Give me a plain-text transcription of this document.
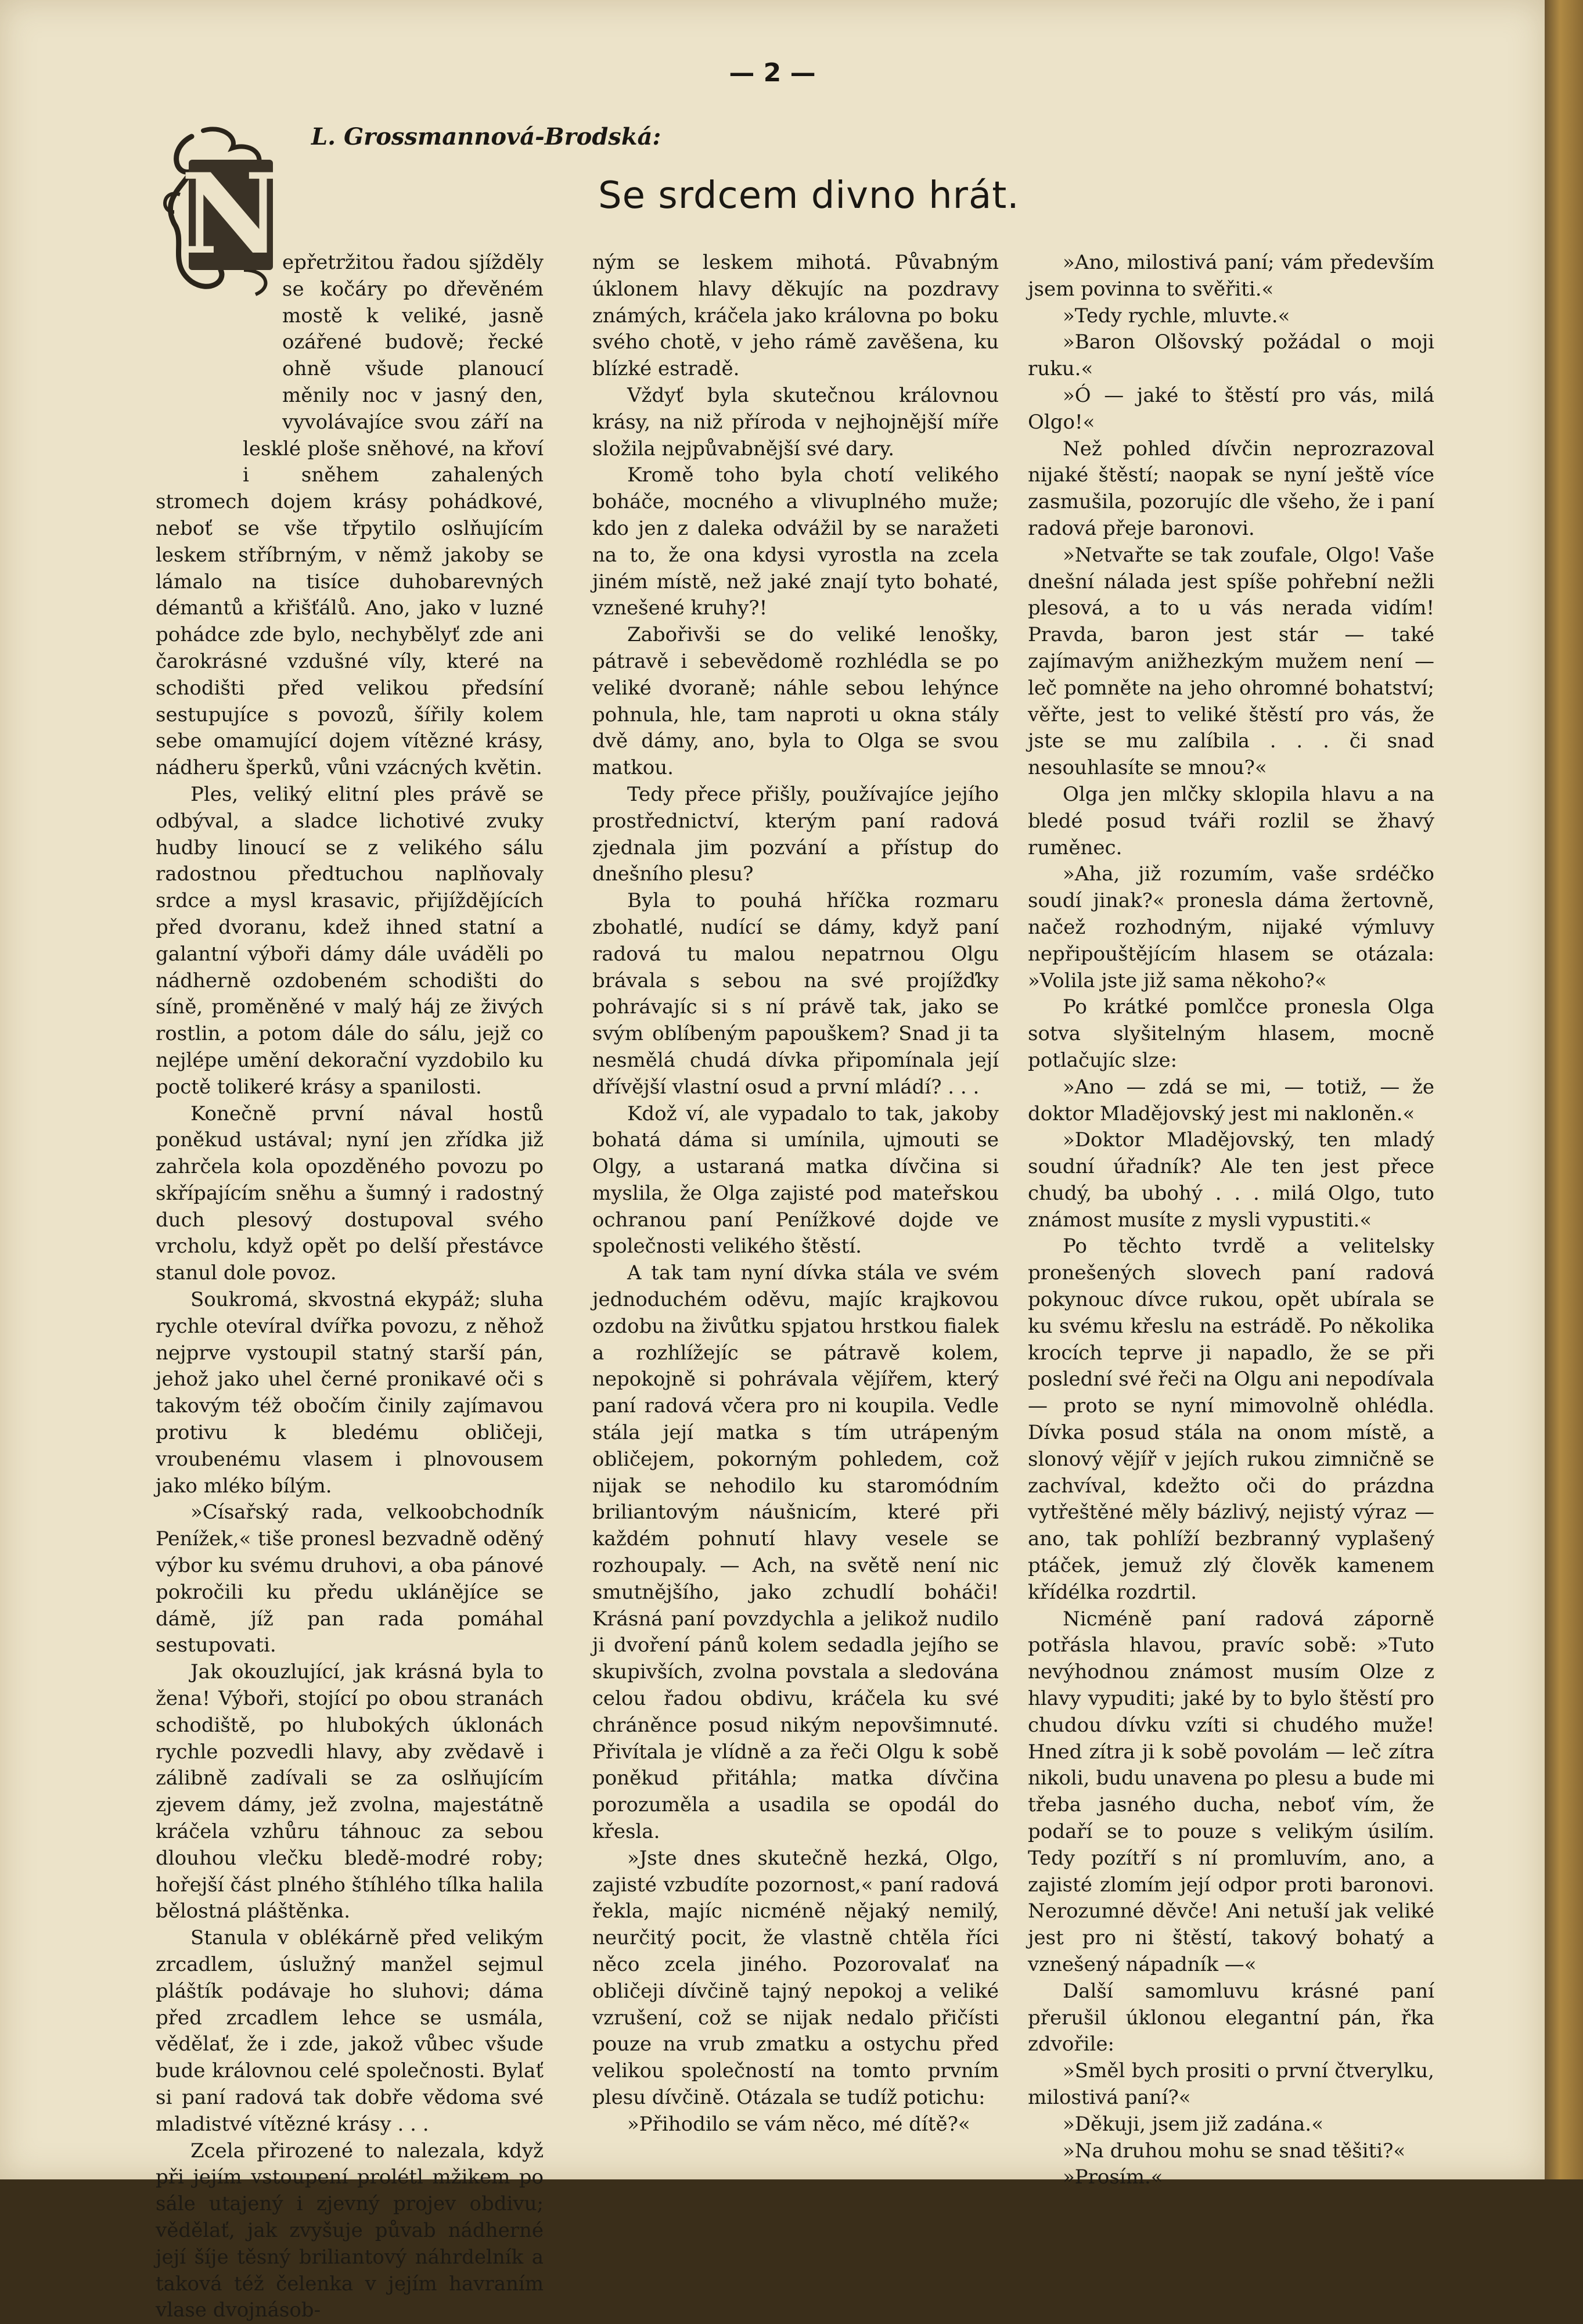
— 2 —
N
L. Grossmannová-Brodská:
Se srdcem divno hrát.

epřetržitou řadou sjížděly se kočáry po dřevěném mostě k veliké, jasně ozářené budově; řecké ohně všude planoucí měnily noc v jasný den, vyvolávajíce svou září na lesklé ploše sněhové, na křoví i sněhem zahalených stromech dojem krásy pohádkové, neboť se vše třpytilo oslňujícím leskem stříbrným, v němž jakoby se lámalo na tisíce duhobarevných démantů a křišťálů. Ano, jako v luzné pohádce zde bylo, nechybělyť zde ani čarokrásné vzdušné víly, které na schodišti před velikou předsíní sestupujíce s povozů, šířily kolem sebe omamující dojem vítězné krásy, nádheru šperků, vůni vzácných květin.

Ples, veliký elitní ples právě se odbýval, a sladce lichotivé zvuky hudby linoucí se z velikého sálu radostnou předtuchou naplňovaly srdce a mysl krasavic, přijíždějících před dvoranu, kdež ihned statní a galantní výboři dámy dále uváděli po nádherně ozdobeném schodišti do síně, proměněné v malý háj ze živých rostlin, a potom dále do sálu, jejž co nejlépe umění dekorační vyzdobilo ku poctě tolikeré krásy a spanilosti.

Konečně první nával hostů poněkud ustával; nyní jen zřídka již zahrčela kola opozděného povozu po skřípajícím sněhu a šumný i radostný duch plesový dostupoval svého vrcholu, když opět po delší přestávce stanul dole povoz.

Soukromá, skvostná ekypáž; sluha rychle otevíral dvířka povozu, z něhož nejprve vystoupil statný starší pán, jehož jako uhel černé pronikavé oči s takovým též obočím činily zajímavou protivu k bledému obličeji, vroubenému vlasem i plnovousem jako mléko bílým.

»Císařský rada, velkoobchodník Penížek,« tiše pronesl bezvadně oděný výbor ku svému druhovi, a oba pánové pokročili ku předu uklánějíce se dámě, jíž pan rada pomáhal sestupovati.

Jak okouzlující, jak krásná byla to žena! Výboři, stojící po obou stranách schodiště, po hlubokých úklonách rychle pozvedli hlavy, aby zvědavě i zálibně zadívali se za oslňujícím zjevem dámy, jež zvolna, majestátně kráčela vzhůru táhnouc za sebou dlouhou vlečku bledě-modré roby; hořejší část plného štíhlého tílka halila bělostná pláštěnka.

Stanula v oblékárně před velikým zrcadlem, úslužný manžel sejmul pláštík podávaje ho sluhovi; dáma před zrcadlem lehce se usmála, vědělať, že i zde, jakož vůbec všude bude královnou celé společnosti. Bylať si paní radová tak dobře vědoma své mladistvé vítězné krásy . . .

Zcela přirozené to nalezala, když při jejím vstoupení prolétl mžikem po sále utajený i zjevný projev obdivu; vědělať, jak zvyšuje půvab nádherné její šíje těsný briliantový náhrdelník a taková též čelenka v jejím havraním vlase dvojnásob-

ným se leskem mihotá. Půvabným úklonem hlavy děkujíc na pozdravy známých, kráčela jako královna po boku svého chotě, v jeho rámě zavěšena, ku blízké estradě.

Vždyť byla skutečnou královnou krásy, na niž příroda v nejhojnější míře složila nejpůvabnější své dary.

Kromě toho byla chotí velikého boháče, mocného a vlivuplného muže; kdo jen z daleka odvážil by se naražeti na to, že ona kdysi vyrostla na zcela jiném místě, než jaké znají tyto bohaté, vznešené kruhy?!

Zabořivši se do veliké lenošky, pátravě i sebevědomě rozhlédla se po veliké dvoraně; náhle sebou lehýnce pohnula, hle, tam naproti u okna stály dvě dámy, ano, byla to Olga se svou matkou.

Tedy přece přišly, používajíce jejího prostřednictví, kterým paní radová zjednala jim pozvání a přístup do dnešního plesu?

Byla to pouhá hříčka rozmaru zbohatlé, nudící se dámy, když paní radová tu malou nepatrnou Olgu brávala s sebou na své projížďky pohrávajíc si s ní právě tak, jako se svým oblíbeným papouškem? Snad ji ta nesmělá chudá dívka připomínala její dřívější vlastní osud a první mládí? . . .

Kdož ví, ale vypadalo to tak, jakoby bohatá dáma si umínila, ujmouti se Olgy, a ustaraná matka dívčina si myslila, že Olga zajisté pod mateřskou ochranou paní Penížkové dojde ve společnosti velikého štěstí.

A tak tam nyní dívka stála ve svém jednoduchém oděvu, majíc krajkovou ozdobu na živůtku spjatou hrstkou fialek a rozhlížejíc se pátravě kolem, nepokojně si pohrávala vějířem, který paní radová včera pro ni koupila. Vedle stála její matka s tím utrápeným obličejem, pokorným pohledem, což nijak se nehodilo ku staromódním briliantovým náušnicím, které při každém pohnutí hlavy vesele se rozhoupaly. — Ach, na světě není nic smutnějšího, jako zchudlí boháči! Krásná paní povzdychla a jelikož nudilo ji dvoření pánů kolem sedadla jejího se skupivších, zvolna povstala a sledována celou řadou obdivu, kráčela ku své chráněnce posud nikým nepovšimnuté. Přivítala je vlídně a za řeči Olgu k sobě poněkud přitáhla; matka dívčina porozuměla a usadila se opodál do křesla.

»Jste dnes skutečně hezká, Olgo, zajisté vzbudíte pozornost,« paní radová řekla, majíc nicméně nějaký nemilý, neurčitý pocit, že vlastně chtěla říci něco zcela jiného. Pozorovalať na obličeji dívčině tajný nepokoj a veliké vzrušení, což se nijak nedalo přičísti pouze na vrub zmatku a ostychu před velikou společností na tomto prvním plesu dívčině. Otázala se tudíž potichu:

»Přihodilo se vám něco, mé dítě?«

»Ano, milostivá paní; vám především jsem povinna to svěřiti.«

»Tedy rychle, mluvte.«

»Baron Olšovský požádal o moji ruku.«

»Ó — jaké to štěstí pro vás, milá Olgo!«

Než pohled dívčin neprozrazoval nijaké štěstí; naopak se nyní ještě více zasmušila, pozorujíc dle všeho, že i paní radová přeje baronovi.

»Netvařte se tak zoufale, Olgo! Vaše dnešní nálada jest spíše pohřební nežli plesová, a to u vás nerada vidím! Pravda, baron jest stár — také zajímavým anižhezkým mužem není — leč pomněte na jeho ohromné bohatství; věřte, jest to veliké štěstí pro vás, že jste se mu zalíbila . . . či snad nesouhlasíte se mnou?«

Olga jen mlčky sklopila hlavu a na bledé posud tváři rozlil se žhavý ruměnec.

»Aha, již rozumím, vaše srdéčko soudí jinak?« pronesla dáma žertovně, načež rozhodným, nijaké výmluvy nepřipouštějícím hlasem se otázala: »Volila jste již sama někoho?«

Po krátké pomlčce pronesla Olga sotva slyšitelným hlasem, mocně potlačujíc slze:

»Ano — zdá se mi, — totiž, — že doktor Mladějovský jest mi nakloněn.«

»Doktor Mladějovský, ten mladý soudní úřadník? Ale ten jest přece chudý, ba ubohý . . . milá Olgo, tuto známost musíte z mysli vypustiti.«

Po těchto tvrdě a velitelsky pronešených slovech paní radová pokynouc dívce rukou, opět ubírala se ku svému křeslu na estrádě. Po několika krocích teprve ji napadlo, že se při poslední své řeči na Olgu ani nepodívala — proto se nyní mimovolně ohlédla. Dívka posud stála na onom místě, a slonový vějíř v jejích rukou zimničně se zachvíval, kdežto oči do prázdna vytřeštěné měly bázlivý, nejistý výraz — ano, tak pohlíží bezbranný vyplašený ptáček, jemuž zlý člověk kamenem křídélka rozdrtil.

Nicméně paní radová záporně potřásla hlavou, pravíc sobě: »Tuto nevýhodnou známost musím Olze z hlavy vypuditi; jaké by to bylo štěstí pro chudou dívku vzíti si chudého muže! Hned zítra ji k sobě povolám — leč zítra nikoli, budu unavena po plesu a bude mi třeba jasného ducha, neboť vím, že podaří se to pouze s velikým úsilím. Tedy pozítří s ní promluvím, ano, a zajisté zlomím její odpor proti baronovi. Nerozumné děvče! Ani netuší jak veliké jest pro ni štěstí, takový bohatý a vznešený nápadník —«

Další samomluvu krásné paní přerušil úklonou elegantní pán, řka zdvořile:

»Směl bych prositi o první čtverylku, milostivá paní?«

»Děkuji, jsem již zadána.«

»Na druhou mohu se snad těšiti?«

»Prosím.«
